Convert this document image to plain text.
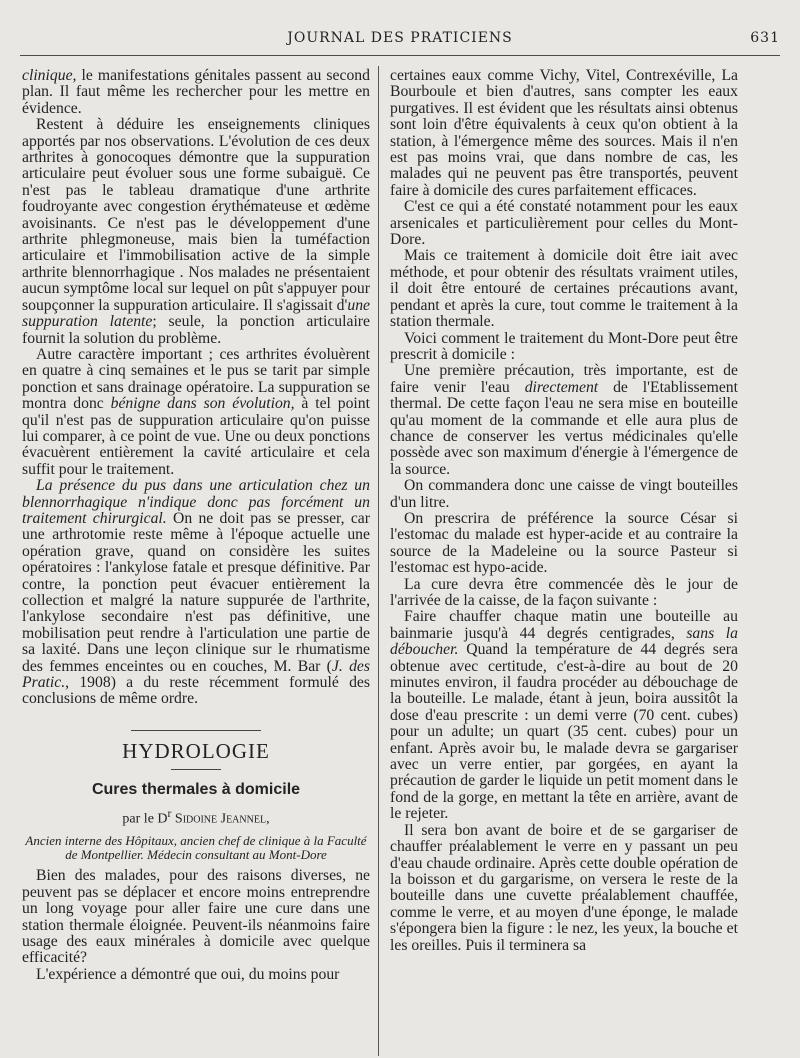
JOURNAL DES PRATICIENS	631

clinique, le manifestations génitales passent au second plan. Il faut même les rechercher pour les mettre en évidence.

Restent à déduire les enseignements cliniques apportés par nos observations. L'évolution de ces deux arthrites à gonocoques démontre que la suppuration articulaire peut évoluer sous une forme subaiguë. Ce n'est pas le tableau dramatique d'une arthrite foudroyante avec congestion érythémateuse et œdème avoisinants. Ce n'est pas le développement d'une arthrite phlegmoneuse, mais bien la tuméfaction articulaire et l'immobilisation active de la simple arthrite blennorrhagique . Nos malades ne présentaient aucun symptôme local sur lequel on pût s'appuyer pour soupçonner la suppuration articulaire. Il s'agissait d'une suppuration latente; seule, la ponction articulaire fournit la solution du problème.

Autre caractère important ; ces arthrites évoluèrent en quatre à cinq semaines et le pus se tarit par simple ponction et sans drainage opératoire. La suppuration se montra donc bénigne dans son évolution, à tel point qu'il n'est pas de suppuration articulaire qu'on puisse lui comparer, à ce point de vue. Une ou deux ponctions évacuèrent entièrement la cavité articulaire et cela suffit pour le traitement.

La présence du pus dans une articulation chez un blennorrhagique n'indique donc pas forcément un traitement chirurgical. On ne doit pas se presser, car une arthrotomie reste même à l'époque actuelle une opération grave, quand on considère les suites opératoires : l'ankylose fatale et presque définitive. Par contre, la ponction peut évacuer entièrement la collection et malgré la nature suppurée de l'arthrite, l'ankylose secondaire n'est pas définitive, une mobilisation peut rendre à l'articulation une partie de sa laxité. Dans une leçon clinique sur le rhumatisme des femmes enceintes ou en couches, M. Bar (J. des Pratic., 1908) a du reste récemment formulé des conclusions de même ordre.

HYDROLOGIE
Cures thermales à domicile

par le $D^r$ Sidoine Jeannel,

Ancien interne des Hôpitaux, ancien chef de clinique à la Faculté de Montpellier. Médecin consultant au Mont-Dore

Bien des malades, pour des raisons diverses, ne peuvent pas se déplacer et encore moins entreprendre un long voyage pour aller faire une cure dans une station thermale éloignée. Peuvent-ils néanmoins faire usage des eaux minérales à domicile avec quelque efficacité?

L'expérience a démontré que oui, du moins pour

certaines eaux comme Vichy, Vitel, Contrexéville, La Bourboule et bien d'autres, sans compter les eaux purgatives. Il est évident que les résultats ainsi obtenus sont loin d'être équivalents à ceux qu'on obtient à la station, à l'émergence même des sources. Mais il n'en est pas moins vrai, que dans nombre de cas, les malades qui ne peuvent pas être transportés, peuvent faire à domicile des cures parfaitement efficaces.

C'est ce qui a été constaté notamment pour les eaux arsenicales et particulièrement pour celles du Mont-Dore.

Mais ce traitement à domicile doit être iait avec méthode, et pour obtenir des résultats vraiment utiles, il doit être entouré de certaines précautions avant, pendant et après la cure, tout comme le traitement à la station thermale.

Voici comment le traitement du Mont-Dore peut être prescrit à domicile :

Une première précaution, très importante, est de faire venir l'eau directement de l'Etablissement thermal. De cette façon l'eau ne sera mise en bouteille qu'au moment de la commande et elle aura plus de chance de conserver les vertus médicinales qu'elle possède avec son maximum d'énergie à l'émergence de la source.

On commandera donc une caisse de vingt bouteilles d'un litre.

On prescrira de préférence la source César si l'estomac du malade est hyper-acide et au contraire la source de la Madeleine ou la source Pasteur si l'estomac est hypo-acide.

La cure devra être commencée dès le jour de l'arrivée de la caisse, de la façon suivante :

Faire chauffer chaque matin une bouteille au bainmarie jusqu'à 44 degrés centigrades, sans la déboucher. Quand la température de 44 degrés sera obtenue avec certitude, c'est-à-dire au bout de 20 minutes environ, il faudra procéder au débouchage de la bouteille. Le malade, étant à jeun, boira aussitôt la dose d'eau prescrite : un demi verre (70 cent. cubes) pour un adulte; un quart (35 cent. cubes) pour un enfant. Après avoir bu, le malade devra se gargariser avec un verre entier, par gorgées, en ayant la précaution de garder le liquide un petit moment dans le fond de la gorge, en mettant la tête en arrière, avant de le rejeter.

Il sera bon avant de boire et de se gargariser de chauffer préalablement le verre en y passant un peu d'eau chaude ordinaire. Après cette double opération de la boisson et du gargarisme, on versera le reste de la bouteille dans une cuvette préalablement chauffée, comme le verre, et au moyen d'une éponge, le malade s'épongera bien la figure : le nez, les yeux, la bouche et les oreilles. Puis il terminera sa
